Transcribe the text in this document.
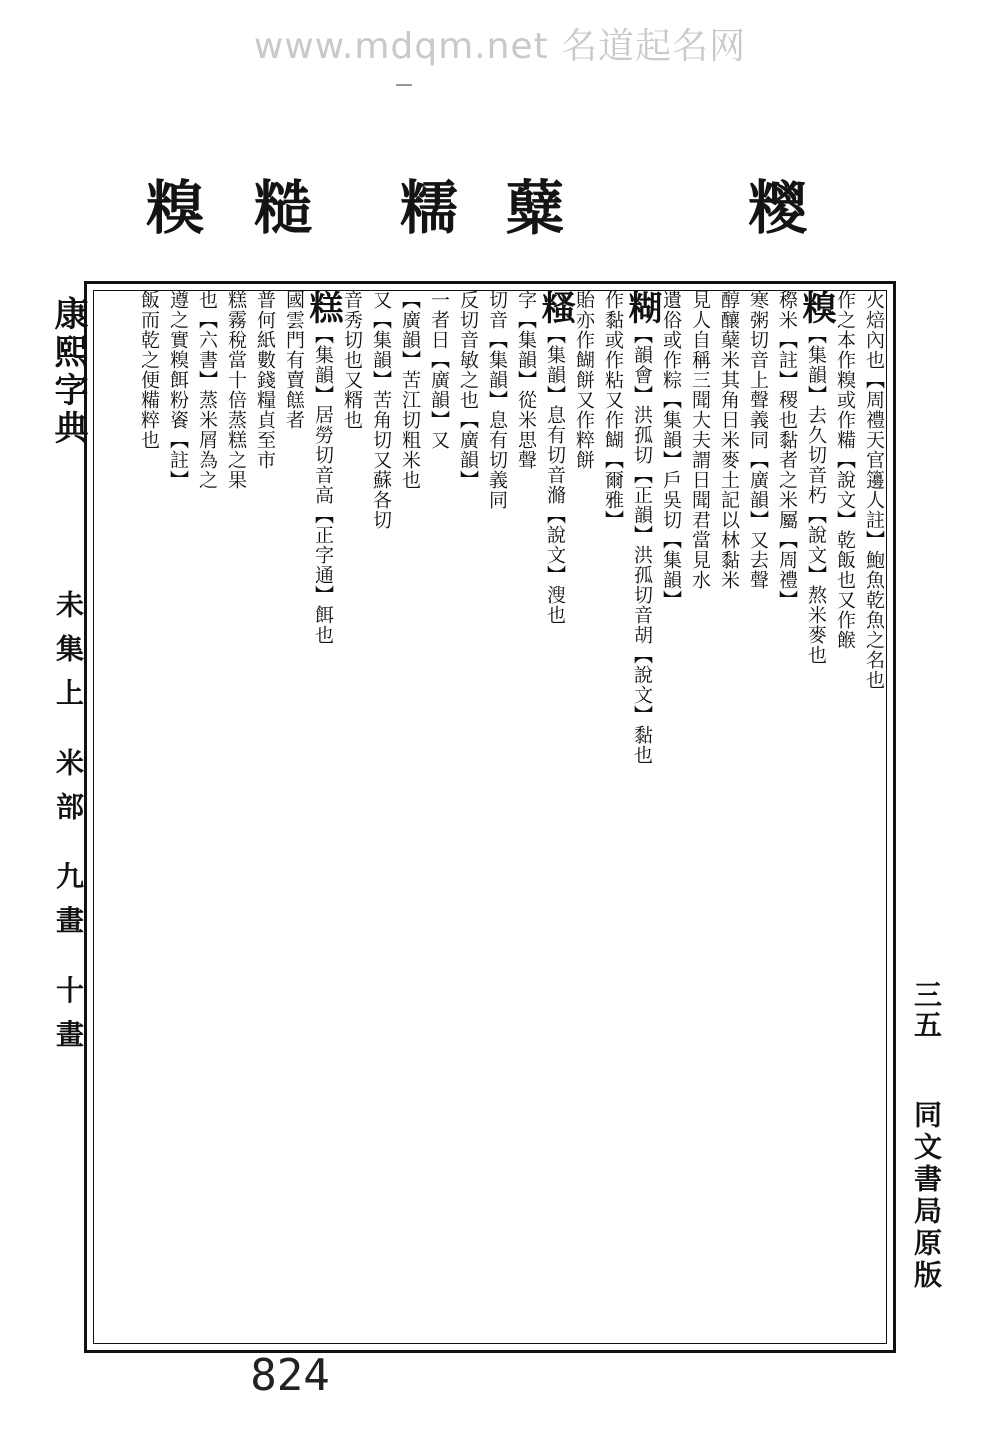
www.mdqm.net 名道起名网
糗 糙	糯 糵	糭
康熙字典
未集上 米部 九畫 十畫
火焙內也【周禮天官籩人註】鮑魚乾魚之名也
作之本作糗或作糒【說文】乾飯也又作餱
糗【集韻】去久切音朽【說文】熬米麥也
穄米【註】稷也黏者之米屬【周禮】
寒粥切音上聲義同【廣韻】又去聲
醇釀蘖米其角日米麥土記以林黏米
見人自稱三聞大夫謂日聞君當見水
遺俗或作粽【集韻】戶吳切【集韻】
糊【韻會】洪孤切【正韻】洪孤切音胡【說文】黏也
作黏或作粘又作餬【爾雅】
貽亦作餬餅又作粹餅
糔【集韻】息有切音滫【說文】溲也
字【集韻】從米思聲
切音【集韻】息有切義同
反切音敏之也【廣韻】
一者日【廣韻】又
【廣韻】苦江切粗米也
又【集韻】苦角切又蘇各切
音秀切也又糈也
糕【集韻】居勞切音高【正字通】餌也
國雲門有賣餻者
普何紙數錢糧貞至市
糕霧稅當十倍蒸糕之果
也【六書】蒸米屑為之
遵之實糗餌粉餈【註】
飯而乾之便糒粹也
三五
同文書局原版
824
